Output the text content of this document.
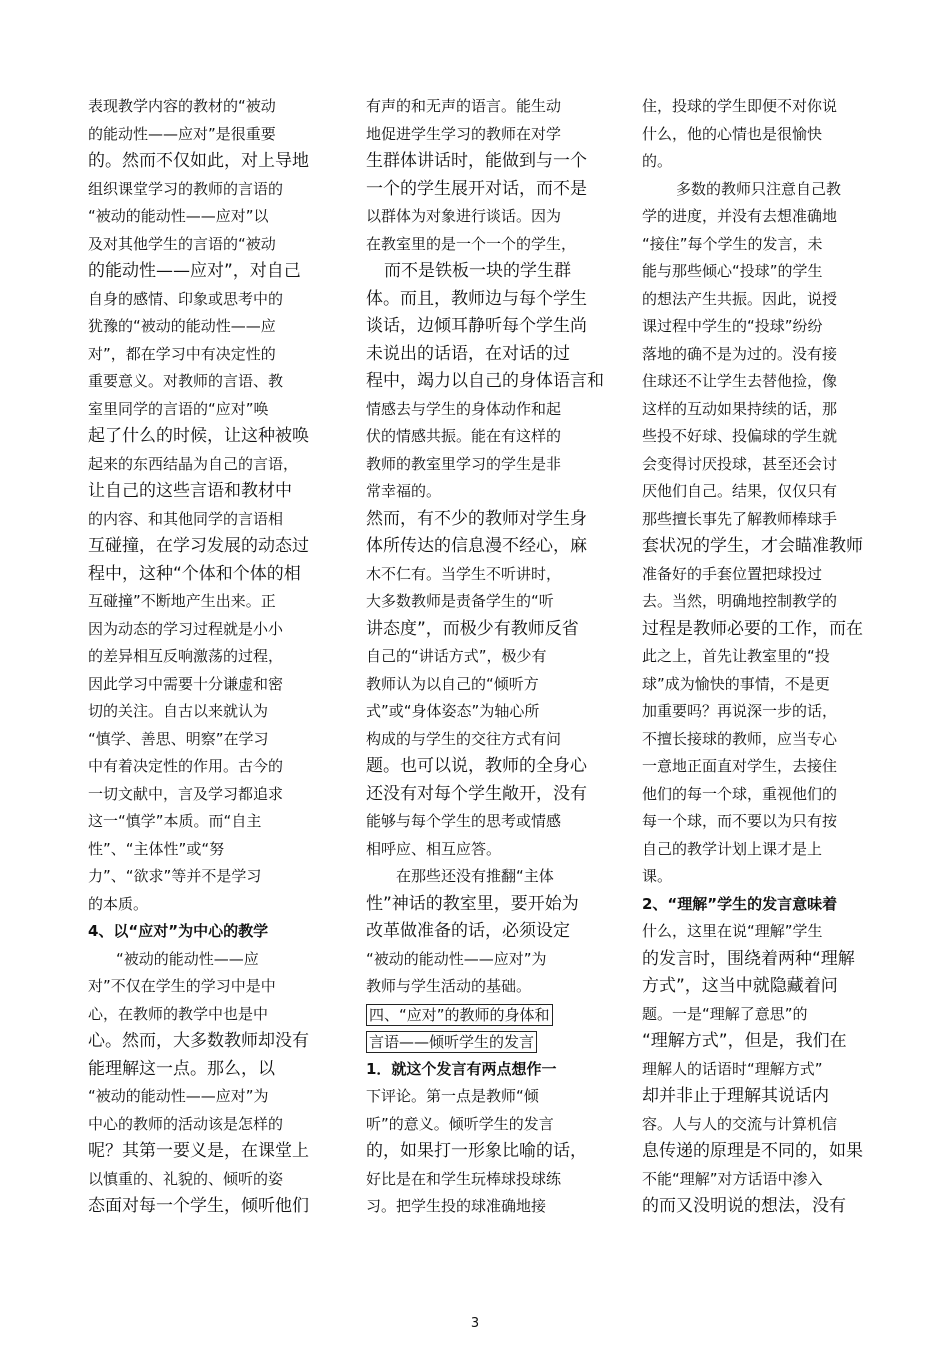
表现教学内容的教材的“被动
的能动性——应对”是很重要
的。然而不仅如此，对上导地
组织课堂学习的教师的言语的
“被动的能动性——应对”以
及对其他学生的言语的“被动
的能动性——应对”，对自己
自身的感情、印象或思考中的
犹豫的“被动的能动性——应
对”，都在学习中有决定性的
重要意义。对教师的言语、教
室里同学的言语的“应对”唤
起了什么的时候，让这种被唤
起来的东西结晶为自己的言语，
让自己的这些言语和教材中
的内容、和其他同学的言语相
互碰撞，在学习发展的动态过
程中，这种“个体和个体的相
互碰撞”不断地产生出来。正
因为动态的学习过程就是小小
的差异相互反响激荡的过程，
因此学习中需要十分谦虚和密
切的关注。自古以来就认为
“慎学、善思、明察”在学习
中有着决定性的作用。古今的
一切文献中，言及学习都追求
这一“慎学”本质。而“自主
性”、“主体性”或“努
力”、“欲求”等并不是学习
的本质。
4、以“应对”为中心的教学
“被动的能动性——应
对”不仅在学生的学习中是中
心，在教师的教学中也是中
心。然而，大多数教师却没有
能理解这一点。那么，以
“被动的能动性——应对”为
中心的教师的活动该是怎样的
呢？其第一要义是，在课堂上
以慎重的、礼貌的、倾听的姿
态面对每一个学生，倾听他们
有声的和无声的语言。能生动
地促进学生学习的教师在对学
生群体讲话时，能做到与一个
一个的学生展开对话，而不是
以群体为对象进行谈话。因为
在教室里的是一个一个的学生，
而不是铁板一块的学生群
体。而且，教师边与每个学生
谈话，边倾耳静听每个学生尚
未说出的话语，在对话的过
程中，竭力以自己的身体语言和
情感去与学生的身体动作和起
伏的情感共振。能在有这样的
教师的教室里学习的学生是非
常幸福的。
然而，有不少的教师对学生身
体所传达的信息漫不经心，麻
木不仁有。当学生不听讲时，
大多数教师是责备学生的“听
讲态度”，而极少有教师反省
自己的“讲话方式”，极少有
教师认为以自己的“倾听方
式”或“身体姿态”为轴心所
构成的与学生的交往方式有问
题。也可以说，教师的全身心
还没有对每个学生敞开，没有
能够与每个学生的思考或情感
相呼应、相互应答。
在那些还没有推翻“主体
性”神话的教室里，要开始为
改革做准备的话，必须设定
“被动的能动性——应对”为
教师与学生活动的基础。
四、“应对”的教师的身体和
言语——倾听学生的发言
1．就这个发言有两点想作一
下评论。第一点是教师“倾
听”的意义。倾听学生的发言
的，如果打一形象比喻的话，
好比是在和学生玩棒球投球练
习。把学生投的球准确地接
住，投球的学生即便不对你说
什么，他的心情也是很愉快
的。
多数的教师只注意自己教
学的进度，并没有去想准确地
“接住”每个学生的发言，未
能与那些倾心“投球”的学生
的想法产生共振。因此，说授
课过程中学生的“投球”纷纷
落地的确不是为过的。没有接
住球还不让学生去替他捡，像
这样的互动如果持续的话，那
些投不好球、投偏球的学生就
会变得讨厌投球，甚至还会讨
厌他们自己。结果，仅仅只有
那些擅长事先了解教师棒球手
套状况的学生，才会瞄准教师
准备好的手套位置把球投过
去。当然，明确地控制教学的
过程是教师必要的工作，而在
此之上，首先让教室里的“投
球”成为愉快的事情，不是更
加重要吗？再说深一步的话，
不擅长接球的教师，应当专心
一意地正面直对学生，去接住
他们的每一个球，重视他们的
每一个球，而不要以为只有按
自己的教学计划上课才是上
课。
2、“理解”学生的发言意味着
什么，这里在说“理解”学生
的发言时，围绕着两种“理解
方式”，这当中就隐藏着问
题。一是“理解了意思”的
“理解方式”，但是，我们在
理解人的话语时“理解方式”
却并非止于理解其说话内
容。人与人的交流与计算机信
息传递的原理是不同的，如果
不能“理解”对方话语中渗入
的而又没明说的想法，没有
3
